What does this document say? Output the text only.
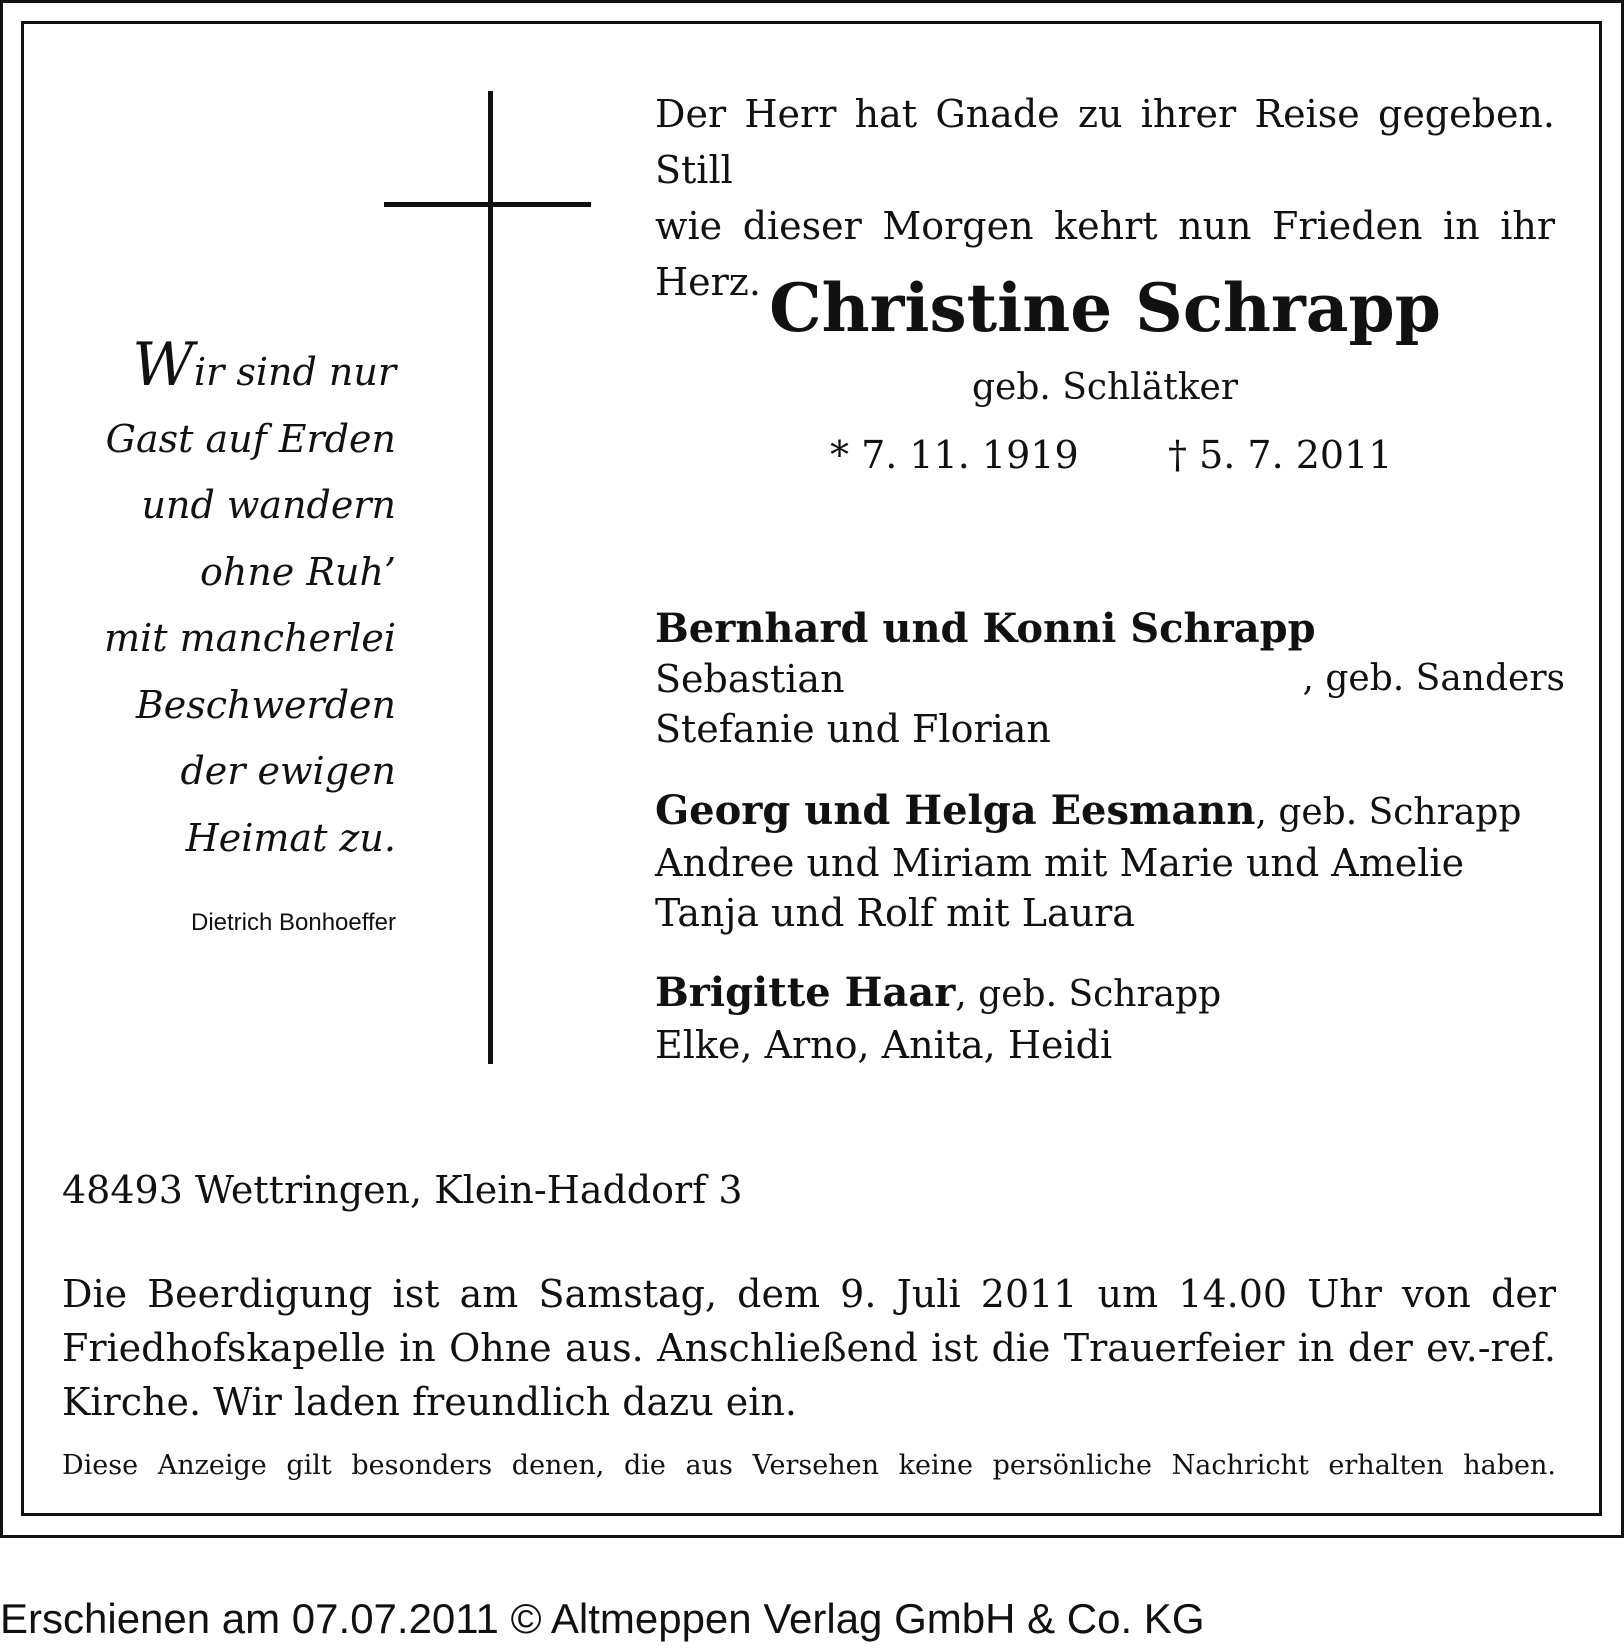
Der Herr hat Gnade zu ihrer Reise gegeben. Still
wie dieser Morgen kehrt nun Frieden in ihr Herz. Christine Schrapp
geb. Schlätker
* 7. 11. 1919 † 5. 7. 2011
Wir sind nur
Gast auf Erden
und wandern
ohne Ruh’
mit mancherlei
Beschwerden
der ewigen
Heimat zu.
Dietrich Bonhoeffer
Bernhard und Konni Schrapp
, geb. Sanders
Sebastian
Stefanie und Florian
Georg und Helga Eesmann, geb. Schrapp
Andree und Miriam mit Marie und Amelie
Tanja und Rolf mit Laura
Brigitte Haar, geb. Schrapp
Elke, Arno, Anita, Heidi
48493 Wettringen, Klein-Haddorf 3
Die Beerdigung ist am Samstag, dem 9. Juli 2011 um 14.00 Uhr von der Friedhofskapelle in Ohne aus. Anschließend ist die Trauerfeier in der ev.-ref. Kirche. Wir laden freundlich dazu ein.
Diese Anzeige gilt besonders denen, die aus Versehen keine persönliche Nachricht erhalten haben.
Erschienen am 07.07.2011 © Altmeppen Verlag GmbH & Co. KG
